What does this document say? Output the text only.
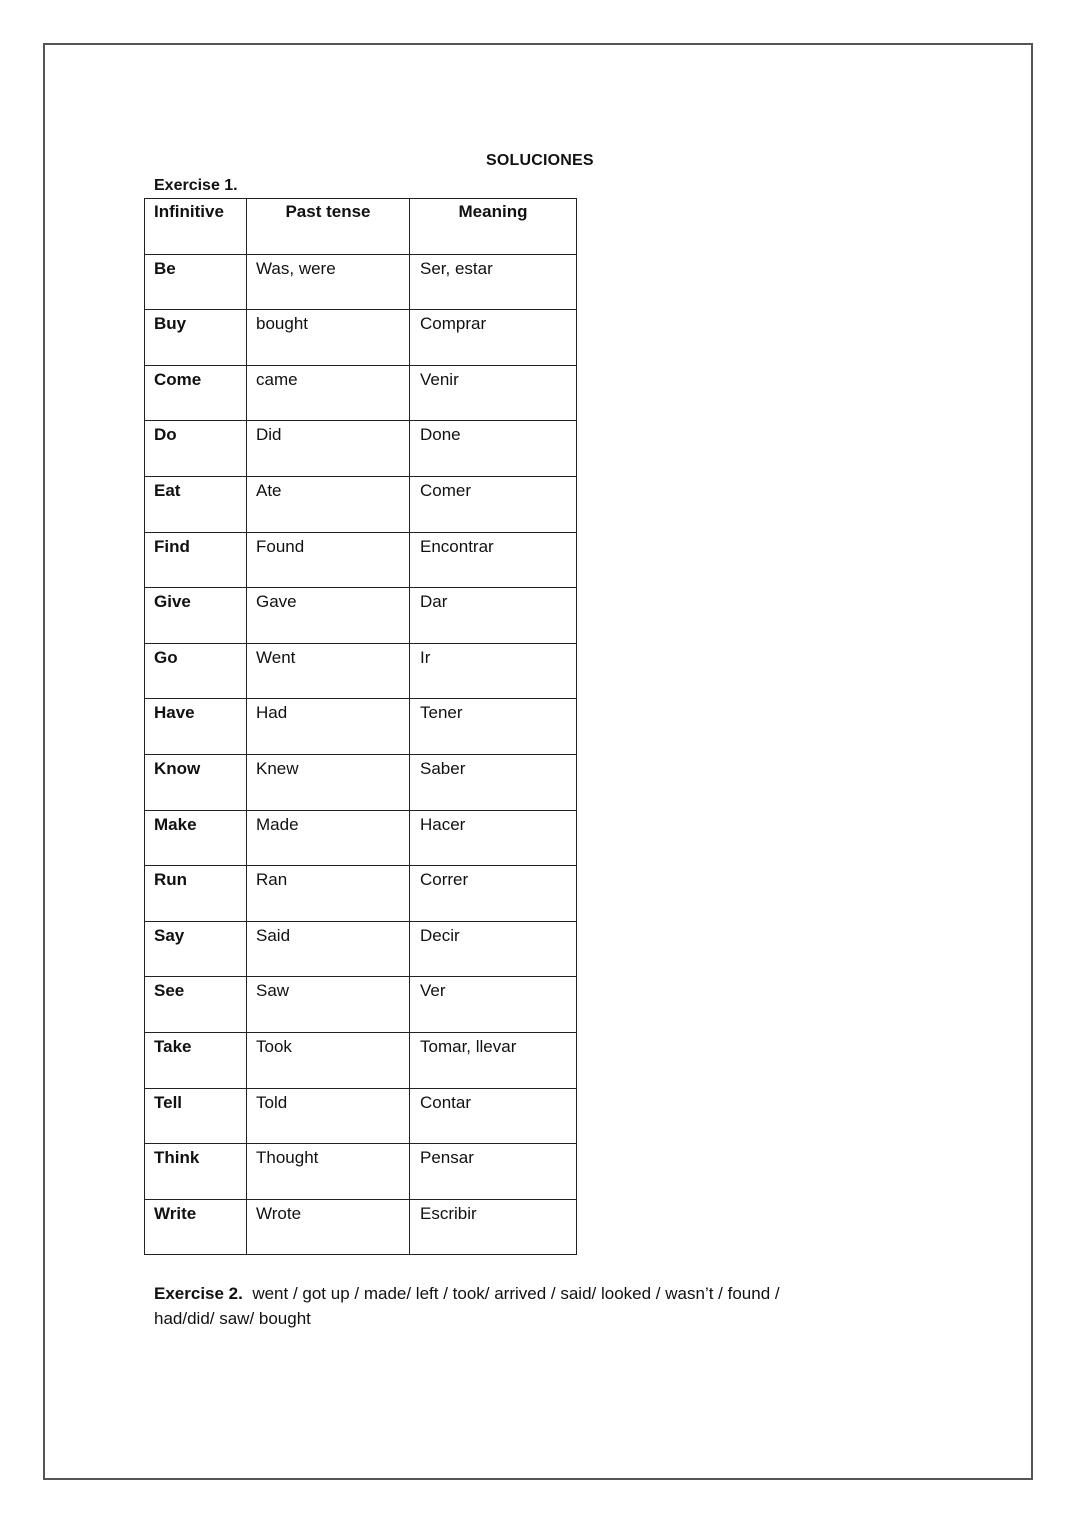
SOLUCIONES
Exercise 1.
Infinitive	Past tense	Meaning
Be	Was, were	Ser, estar
Buy	bought	Comprar
Come	came	Venir
Do	Did	Done
Eat	Ate	Comer
Find	Found	Encontrar
Give	Gave	Dar
Go	Went	Ir
Have	Had	Tener
Know	Knew	Saber
Make	Made	Hacer
Run	Ran	Correr
Say	Said	Decir
See	Saw	Ver
Take	Took	Tomar, llevar
Tell	Told	Contar
Think	Thought	Pensar
Write	Wrote	Escribir
Exercise 2. went / got up / made/ left / took/ arrived / said/ looked / wasn’t / found /
had/did/ saw/ bought
